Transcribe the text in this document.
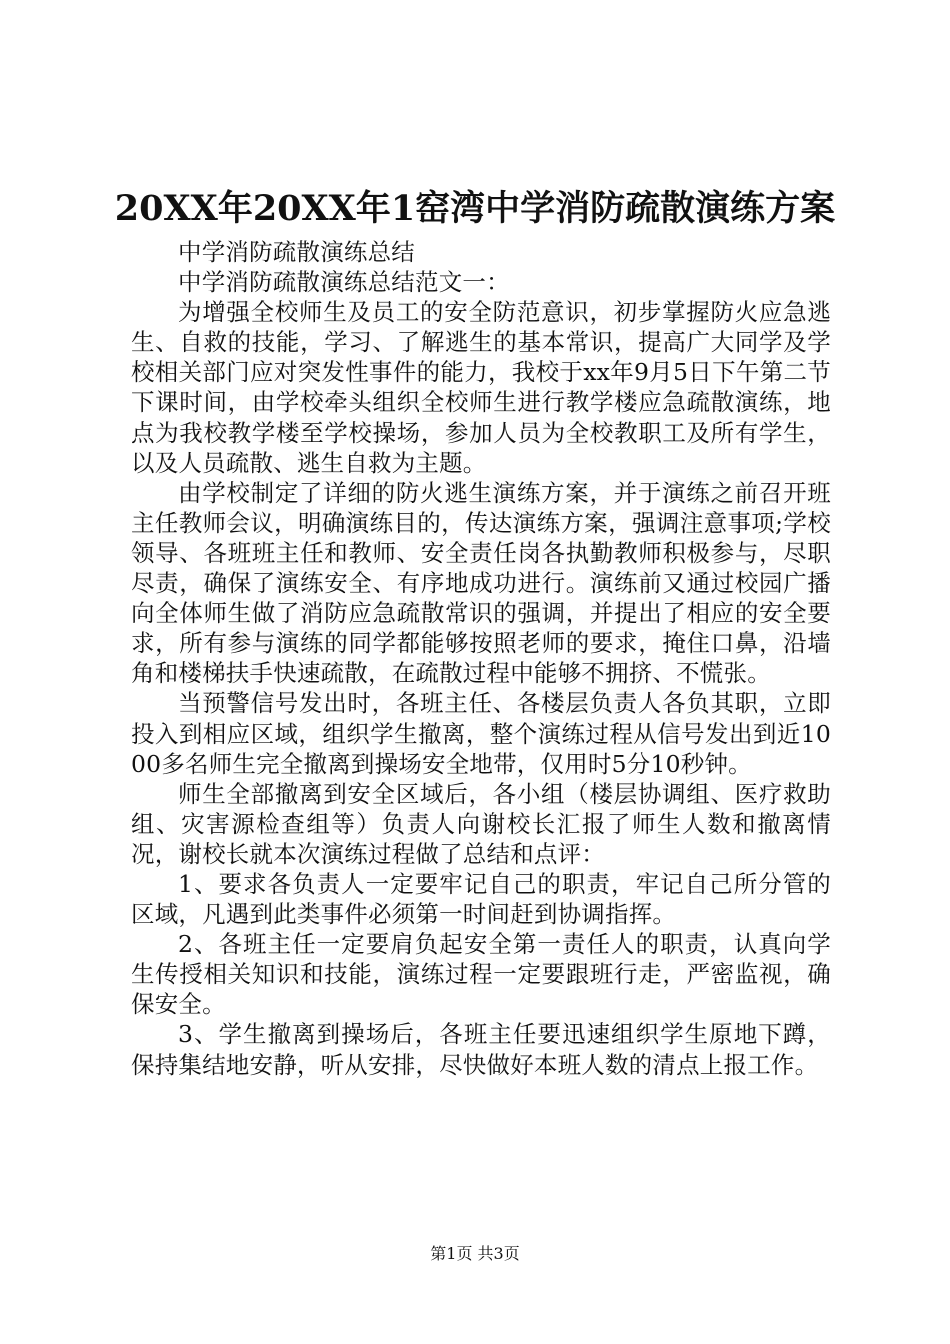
20XX年20XX年1窑湾中学消防疏散演练方案

中学消防疏散演练总结

中学消防疏散演练总结范文一：

为增强全校师生及员工的安全防范意识，初步掌握防火应急逃生、自救的技能，学习、了解逃生的基本常识，提高广大同学及学校相关部门应对突发性事件的能力，我校于xx年9月5日下午第二节下课时间，由学校牵头组织全校师生进行教学楼应急疏散演练，地点为我校教学楼至学校操场，参加人员为全校教职工及所有学生，以及人员疏散、逃生自救为主题。

由学校制定了详细的防火逃生演练方案，并于演练之前召开班主任教师会议，明确演练目的，传达演练方案，强调注意事项;学校领导、各班班主任和教师、安全责任岗各执勤教师积极参与，尽职尽责，确保了演练安全、有序地成功进行。演练前又通过校园广播向全体师生做了消防应急疏散常识的强调，并提出了相应的安全要求，所有参与演练的同学都能够按照老师的要求，掩住口鼻，沿墙角和楼梯扶手快速疏散，在疏散过程中能够不拥挤、不慌张。

当预警信号发出时，各班主任、各楼层负责人各负其职，立即投入到相应区域，组织学生撤离，整个演练过程从信号发出到近1000多名师生完全撤离到操场安全地带，仅用时5分10秒钟。

师生全部撤离到安全区域后，各小组（楼层协调组、医疗救助组、灾害源检查组等）负责人向谢校长汇报了师生人数和撤离情况，谢校长就本次演练过程做了总结和点评：

1、要求各负责人一定要牢记自己的职责，牢记自己所分管的区域，凡遇到此类事件必须第一时间赶到协调指挥。

2、各班主任一定要肩负起安全第一责任人的职责，认真向学生传授相关知识和技能，演练过程一定要跟班行走，严密监视，确保安全。

3、学生撤离到操场后，各班主任要迅速组织学生原地下蹲，保持集结地安静，听从安排，尽快做好本班人数的清点上报工作。

第1页 共3页
